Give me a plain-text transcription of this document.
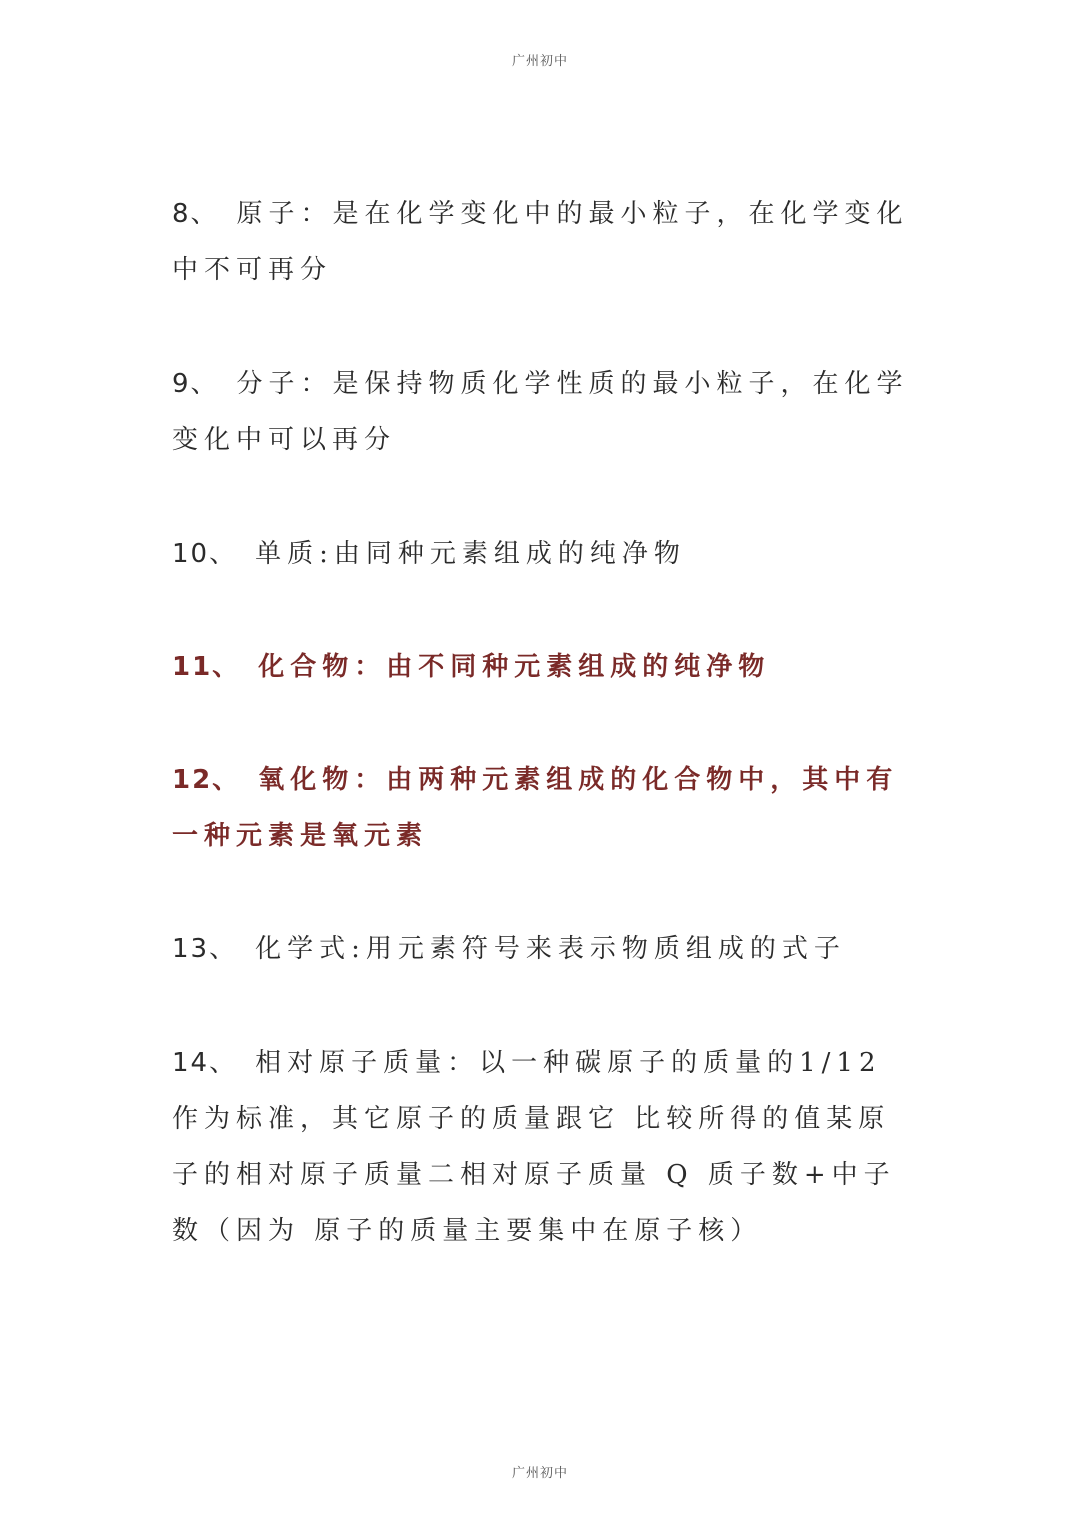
广州初中

8、 原子：是在化学变化中的最小粒子，在化学变化中不可再分

9、 分子：是保持物质化学性质的最小粒子，在化学变化中可以再分

10、 单质:由同种元素组成的纯净物

11、 化合物：由不同种元素组成的纯净物

12、 氧化物：由两种元素组成的化合物中，其中有一种元素是氧元素

13、 化学式:用元素符号来表示物质组成的式子

14、 相对原子质量：以一种碳原子的质量的1/12作为标准，其它原子的质量跟它 比较所得的值某原子的相对原子质量二相对原子质量 Q 质子数+中子数（因为 原子的质量主要集中在原子核）

广州初中
